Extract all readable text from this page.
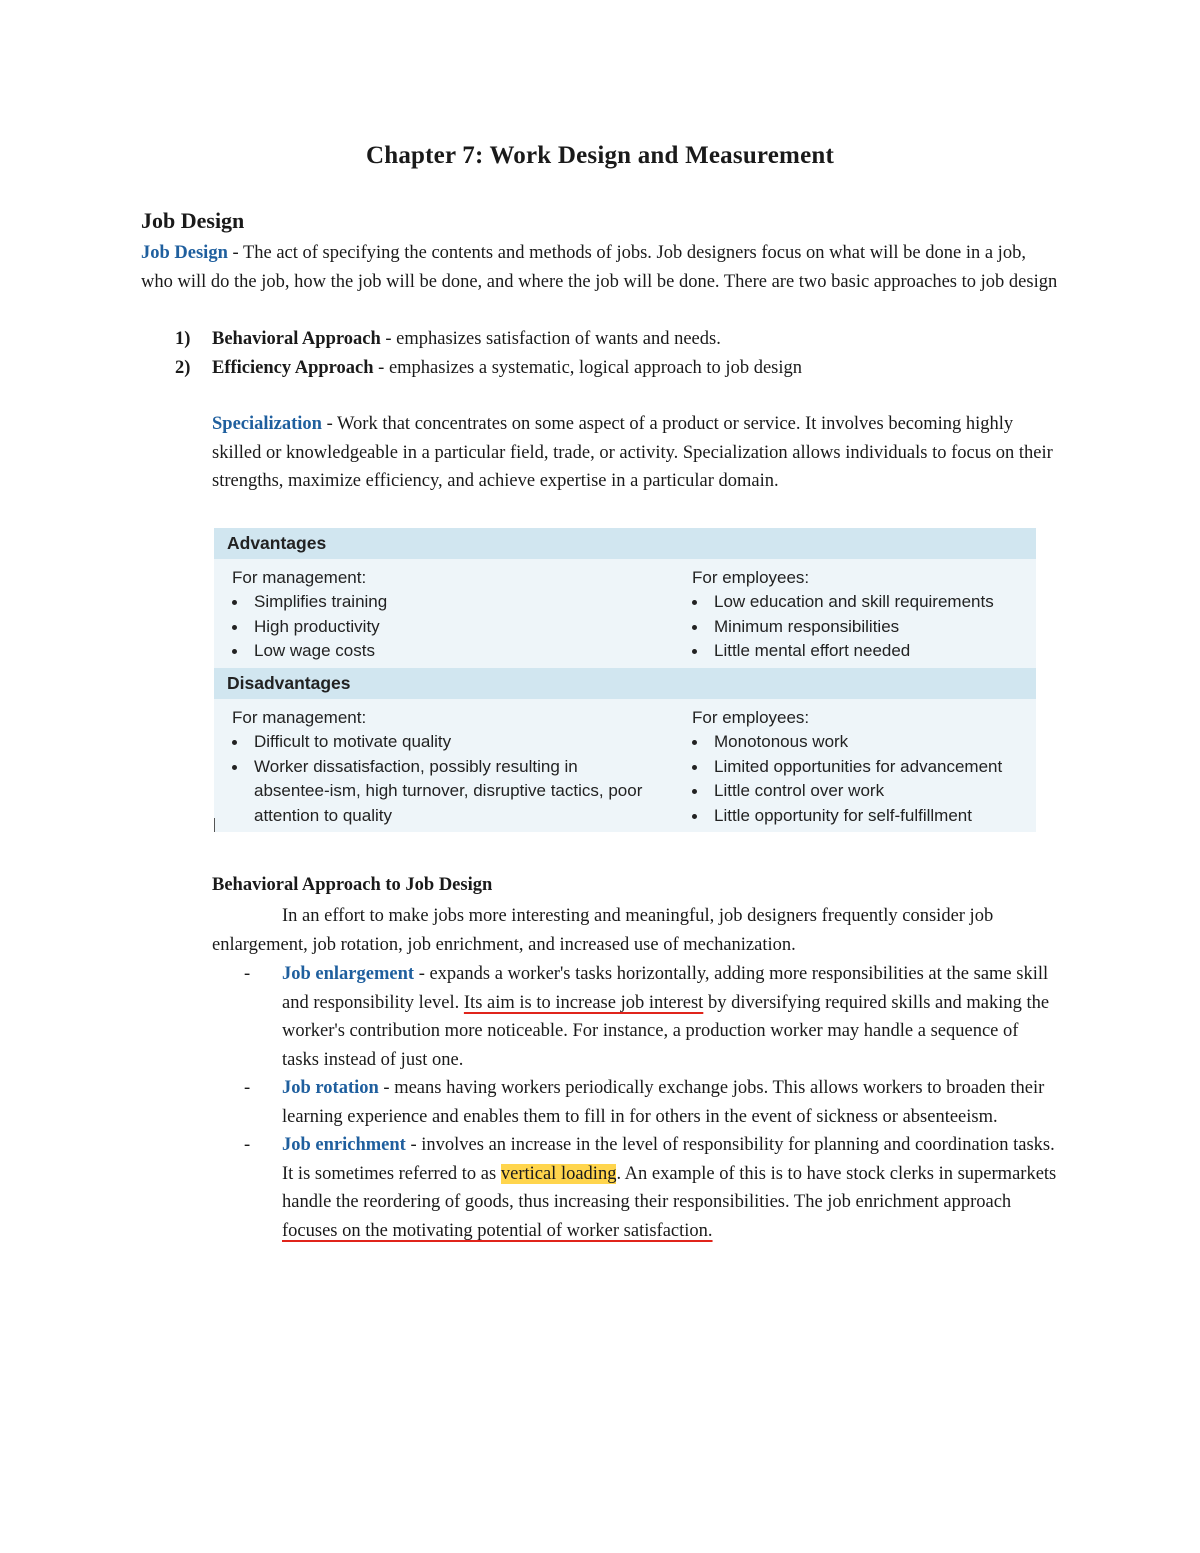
Chapter 7: Work Design and Measurement
Job Design
Job Design - The act of specifying the contents and methods of jobs. Job designers focus on what will be done in a job, who will do the job, how the job will be done, and where the job will be done. There are two basic approaches to job design
1) Behavioral Approach - emphasizes satisfaction of wants and needs.
2) Efficiency Approach - emphasizes a systematic, logical approach to job design
Specialization - Work that concentrates on some aspect of a product or service. It involves becoming highly skilled or knowledgeable in a particular field, trade, or activity. Specialization allows individuals to focus on their strengths, maximize efficiency, and achieve expertise in a particular domain.
Advantages
For management:
Simplifies training
High productivity
Low wage costs
For employees:
Low education and skill requirements
Minimum responsibilities
Little mental effort needed
Disadvantages
For management:
Difficult to motivate quality
Worker dissatisfaction, possibly resulting in absentee-ism, high turnover, disruptive tactics, poor attention to quality
For employees:
Monotonous work
Limited opportunities for advancement
Little control over work
Little opportunity for self-fulfillment
Behavioral Approach to Job Design
In an effort to make jobs more interesting and meaningful, job designers frequently consider job enlargement, job rotation, job enrichment, and increased use of mechanization.
- Job enlargement - expands a worker's tasks horizontally, adding more responsibilities at the same skill and responsibility level. Its aim is to increase job interest by diversifying required skills and making the worker's contribution more noticeable. For instance, a production worker may handle a sequence of tasks instead of just one.
- Job rotation - means having workers periodically exchange jobs. This allows workers to broaden their learning experience and enables them to fill in for others in the event of sickness or absenteeism.
- Job enrichment - involves an increase in the level of responsibility for planning and coordination tasks. It is sometimes referred to as vertical loading. An example of this is to have stock clerks in supermarkets handle the reordering of goods, thus increasing their responsibilities. The job enrichment approach focuses on the motivating potential of worker satisfaction.
